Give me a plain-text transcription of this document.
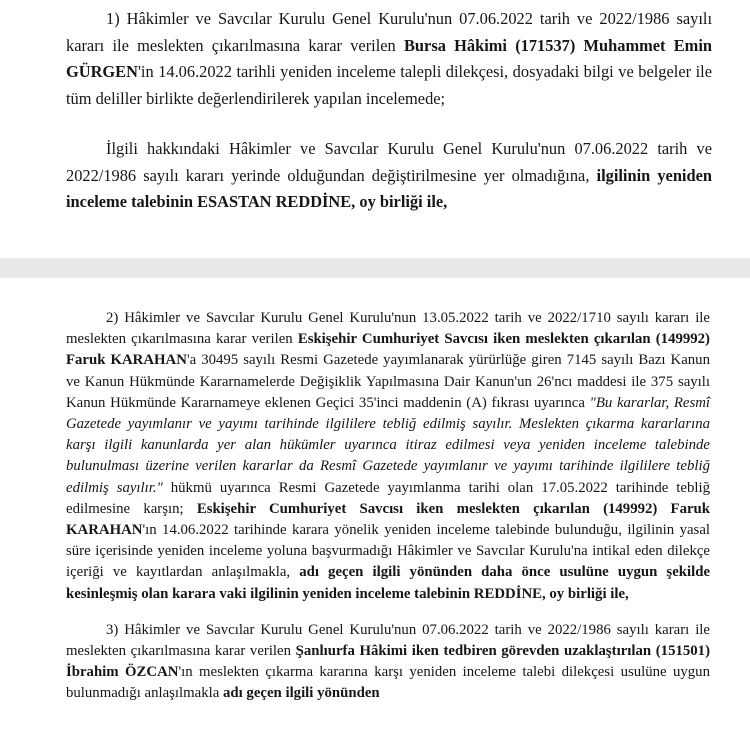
1) Hâkimler ve Savcılar Kurulu Genel Kurulu'nun 07.06.2022 tarih ve 2022/1986 sayılı kararı ile meslekten çıkarılmasına karar verilen Bursa Hâkimi (171537) Muhammet Emin GÜRGEN'in 14.06.2022 tarihli yeniden inceleme talepli dilekçesi, dosyadaki bilgi ve belgeler ile tüm deliller birlikte değerlendirilerek yapılan incelemede;

İlgili hakkındaki Hâkimler ve Savcılar Kurulu Genel Kurulu'nun 07.06.2022 tarih ve 2022/1986 sayılı kararı yerinde olduğundan değiştirilmesine yer olmadığına, ilgilinin yeniden inceleme talebinin ESASTAN REDDİNE, oy birliği ile,

2) Hâkimler ve Savcılar Kurulu Genel Kurulu'nun 13.05.2022 tarih ve 2022/1710 sayılı kararı ile meslekten çıkarılmasına karar verilen Eskişehir Cumhuriyet Savcısı iken meslekten çıkarılan (149992) Faruk KARAHAN'a 30495 sayılı Resmi Gazetede yayımlanarak yürürlüğe giren 7145 sayılı Bazı Kanun ve Kanun Hükmünde Kararnamelerde Değişiklik Yapılmasına Dair Kanun'un 26'ncı maddesi ile 375 sayılı Kanun Hükmünde Kararnameye eklenen Geçici 35'inci maddenin (A) fıkrası uyarınca "Bu kararlar, Resmî Gazetede yayımlanır ve yayımı tarihinde ilgililere tebliğ edilmiş sayılır. Meslekten çıkarma kararlarına karşı ilgili kanunlarda yer alan hükümler uyarınca itiraz edilmesi veya yeniden inceleme talebinde bulunulması üzerine verilen kararlar da Resmî Gazetede yayımlanır ve yayımı tarihinde ilgililere tebliğ edilmiş sayılır." hükmü uyarınca Resmi Gazetede yayımlanma tarihi olan 17.05.2022 tarihinde tebliğ edilmesine karşın; Eskişehir Cumhuriyet Savcısı iken meslekten çıkarılan (149992) Faruk KARAHAN'ın 14.06.2022 tarihinde karara yönelik yeniden inceleme talebinde bulunduğu, ilgilinin yasal süre içerisinde yeniden inceleme yoluna başvurmadığı Hâkimler ve Savcılar Kurulu'na intikal eden dilekçe içeriği ve kayıtlardan anlaşılmakla, adı geçen ilgili yönünden daha önce usulüne uygun şekilde kesinleşmiş olan karara vaki ilgilinin yeniden inceleme talebinin REDDİNE, oy birliği ile,

3) Hâkimler ve Savcılar Kurulu Genel Kurulu'nun 07.06.2022 tarih ve 2022/1986 sayılı kararı ile meslekten çıkarılmasına karar verilen Şanlıurfa Hâkimi iken tedbiren görevden uzaklaştırılan (151501) İbrahim ÖZCAN'ın meslekten çıkarma kararına karşı yeniden inceleme talebi dilekçesi usulüne uygun bulunmadığı anlaşılmakla adı geçen ilgili yönünden
